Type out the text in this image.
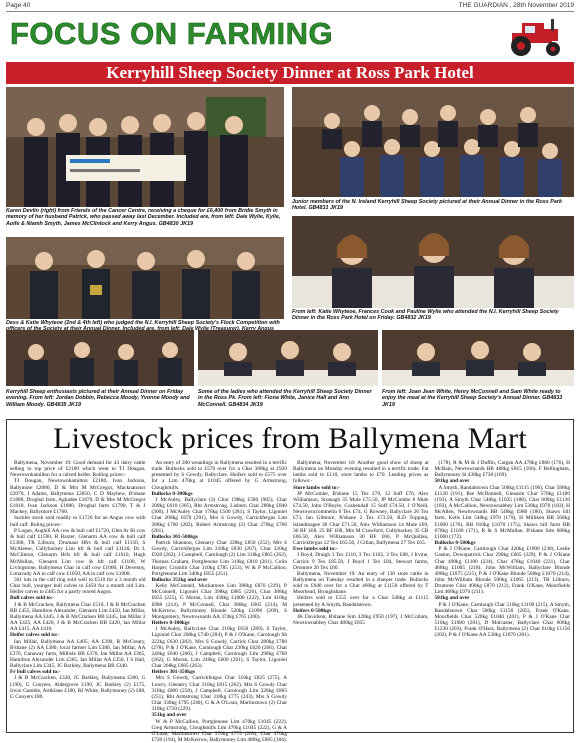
Page 40	THE GUARDIAN , 28th November 2019
FOCUS ON FARMING
Kerryhill Sheep Society Dinner at Ross Park Hotel
Karen Devlin (right) from Friends of the Cancer Centre, receiving a cheque for £6,400 from Bridie Smyth in memory of her husband Patrick, who passed away last December. Included are, from left: Dale Wylie, Kylie, Aoife & Niamh Smyth, James McClintock and Kerry Angus. GB4830 JK19
Junior members of the N. Ireland Kerryhill Sheep Society pictured at their Annual Dinner in the Ross Park Hotel. GB4831 JK19
Dess & Katie Whyteoe (2nd & 4th left) who judged the N.I. Kerryhill Sheep Society's Flock Competition with
From left: Katie Whyteoe, Frances Cook and Pauline Wylie who attended the N.I. Kerryhill Sheep Society Dinner in the Ross Park Hotel on Friday. GB4832 JK19
Kerryhill Sheep enthusiasts pictured at their Annual Dinner on Friday evening. From left: Jordan Dobbin, Rebecca Moody, Yvonne Moody and William Moody. GB4835 JK19
Some of the ladies who attended the Kerryhill Sheep Society Dinner in the Ross Pk. From left: Fiona White, Janice Hall and Ann McConnell. GB4834 JK19
From left: Joan Jean White, Henry McConnell and Sam White ready to enjoy the meal at the Kerryhill Sheep Society's Annual Dinner. GB4833 JK19
Livestock prices from Ballymena Mart

Ballymena, November 19: Good demand for 43 dairy cattle selling to top price of £2180 which went to TJ Dougan, Newtownhamilton for a calved heifer. Rolling prices:-

TJ Dougan, Newtownhamilton £2180, Ivan Jackson, Ballymore £2080, D & Mrs M McGregor, Macknatonor £2070, I Adams, Ballymena £2050, C D Mayhew, B'shane £1880, Droghal farm, Aghadee £1870, D & Mrs M McGregor £1810, Ivan Jackson £1880, Droghal farm £1790, T & J Mackey, Ballymore £1760.

Suckler stock sold readily to £1720 for an Angus cow with bull calf. Ruling prices:-

P Logan, Aughill AA cow & bull calf £1720, Glen Ar Bl cow & bull calf £1590, R Baxter, Glenarm AA cow & bull calf £1300, TR Lilburn, Drumaul Hfrs & bull calf £1150, S McAleese, Cullybackey Lim hfr & bull calf £1120, Dr L McClinton, Glenarm Hrfs hfr & bull calf £1010, Hugh McMullan, Glenarm Lim cow & hfr calf £1100, W Livingstone, Ballymena Char in calf cow £1060, H Devenny, Limavady AA in calf cow £1050, AA in calf cow £1000.

501 lots in the calf ring sold well to £510 for a 3 month old Char bull, younger bull calves to £450 for a month old Lim. Heifer calves to £405 for a partly reared Angus.

Bull calves sold to:-

J & B McCracken, Ballymena Char £510, J & B McCracken BB £455, Hamilton Alexander, Glenarm Lim £450, Ian Millar, Ballymena AA £445, J & B McCracken BB £445, Ian Millar 2 AA £425, AA £420, J & B McCracken BB £420, Ian Millar AA £415, AA £410.

Heifer calves sold to:-

Ian Millar, Ballymena AA £405, AA £390, R McCreary, B'shane (2) AA £380, local farmer Lim £380, Ian Millar, AA £370, Ganaway farm, Millisle BB £370, Ian Millar AA £365, Hamilton Alexander Lim £365, Ian Millar AA £350, I S Hall, Ballyclare Lim £345, JC Barkley, Ballymena BB £340.

Fr bull calves sold to:-

J & B McCracken, £330, JC Barkley, Ballymena £200, G (190), G Conyers, Aldergrove £190, JC Barkley (2) £175, Irwin Gamble, Artiklane £100, RJ White, Ballymoney (2) £80, G Conyers £80.

An entry of 280 weanlings in Ballymena resulted in a terrific trade. Bullocks sold to £570 over for a Char 368kg at £920 presented by S Gowdy, Ballyclare. Heifers sold to £575 over for a Lim 470kg at £1045 offered by G Armstrong, Cloughmills.

Bullocks 0-300kgs

J McAuley, Ballyclare (3) Char 198kg £580 (905), Char 200kg £610 (305), Rhr Armstrong, Lisburn Char 280kg £840 (300), J McAuley Char 178kg £500 (281), S Taylor, Ligoniel Char 208kg £670 (291), Mrs S Gowdy, Carrickfergus Lim 288kg £760 (282), Robert Armstrong (2) Char 270kg £760 (281).

Bullocks 301-500kgs

Patrick Shannon, Glenarry Char 338kg £850 (252), Mrs S Gowdy, Carrickfergus Lim 310kg £830 (267), Char 320kg £920 (262), J Campbell, Carnlough (2) Lim 318kg £865 (262), Thomas Graham, Portglenone Lim 310kg £810 (261), Colin Harper, Crumlin Char 310kg £785 (253), W & P McCallion, Portglenone Lim 340kg £855 (251).

Bullocks 351kg and over

Kelly McConnell, Muckamore Lim 388kg £870 (229), P McConnell, Ligoniel Char 398kg £885 (226), Char 388kg £855 (225), G Moran, Lim 438kg £1000 (222), Lim 410kg £888 (214), P McConnell, Char 380kg £805 (214), M McKerrow, Ballymoney Blonde 520kg £1090 (209), S Montgomery, Newtownards AA 374kg £765 (200).

Heifers 0-300kgs

J McAuley, Ballyclare Char 210kg £650 (289), S Taylor, Ligoniel Char 268kg £740 (284), P & J O'Kane, Carnlough Sh 222kg £630 (282), Mrs S Gowdy, Carrick Char 280kg £780 (278), P & J O'Kane, Carnlough Char 230kg £620 (266), Char 240kg £640 (266), J Campbell, Carnlough Lim 290kg £760 (262), G Moran, Lim 240kg £600 (261), S Taylor, Ligoniel Char 268kg £685 (263).

Heifers 301-350kgs

Mrs S Gowdy, Carrickfergus Char 310kg £825 (275), A Lowry, Glenarry Char 310kg £815 (262), Mrs S Gowdy Char 310kg £800 (258), J Campbell, Carnlough Lim 320kg £805 (251), Rht Armstrong Char 318kg £775 (243), Mrs S Gowdy Char 330kg £795 (240), G & A O'Loan, Martinstown (2) Char 310kg £750 (229).

351kg and over

W & P McCallion, Portglenone Lim 470kg £1045 (222), Greg Armstrong, Cloughmills Lim 470kg £1045 (222), G & A O'Loan, Martinstown Char 370kg £775 (209), Char 370kg £720 (194), M McKerrow, Ballymoney Lim 480kg £885 (184).

Ballymena, November 18: Another good show of sheep at Ballymena on Monday evening resulted in a terrific trade. Fat lambs sold to £110, store lambs to £70. Leading prices as follows:-

Store lambs sold to:-

JP McCombe, B'shane 15 Tex £79, 12 Suff £76, Alex Williamson, Stranagh 35 Mule £75.50, JP McCombe 8 Mule £74.50, John O'Boyle, Cushendall 15 Suff £74.50, J O'Neill, Newtowncrommelin 6 Tex £74, G Rowney, Ballyclare 26 Tex £73, Ian Gilmore, B'shane 2 Tex £73.50, R.D Topping, Islandmagee 30 Char £71.50, Alex Williamson 14 Mule £69, 36 BF £68, 25 BF £68, Mrs M Crawford, Cullybackey 35 CB £66.50, Alex Williamson 30 BF £66, P McQuillan, Carrickfergus 12 Tex £65.50, J Gillan, Ballymena 27 Tex £65.

Ewe lambs sold to:-

J Boyd, Draigh 3 Tex £110, 3 Tex £102, 3 Tex £88, J Irvine, Carrick 9 Tex £85.50, J Boyd 1 Tex £84, Stewart farms, Dromore 20 Tex £80.

Ballymena, November 19: An entry of 130 store cattle in Ballymena on Tuesday resulted in a sharper trade. Bullocks sold to £640 over for a Char 460kg at £1150 offered by T Moorhead, Broughshane.

Heifers sold to £555 over for a Char 548kg at £1115 presented by A Smyth, Randalstown.

Heifers 0-500kgs

JK Davidson, B'shane Sim 428kg £950 (197), J McCollam, Newtownabbey Char 480kg £855

(178), R & M & J Duffin, Cargan AA 478kg £860 (176), H McBain, Newtownards BB 488kg £815 (166), F Bellingham, Ballymoney St 438kg £730 (169).

501kg and over

A Smyth, Randalstown Char 568kg £1115 (196), Char 588kg £1120 (191), Rse McDonnell, Glenarm Char 578kg £1100 (193), A Smyth Char 548kg £1035 (188), Char 600kg £1130 (183), A McCallion, Newtownabbey Lim 538kg £970 (183), H McAllen, Newtownards BB 548kg £980 (180), Shaws hill farm, Kells Lim 548kg £970 (179), H Milliken BB 568kg £1000 (176), BB 610kg £1070 (175), Shaws hill farm BB 678kg £1160 (171), R & S McMullan, B'shane Sim 688kg £1000 (172).

Bullocks 0-500kgs

P & J O'Kane, Carnlough Char 420kg £1000 (238), Leslie Gaston, Downpatrick Char 290kg £665 (229), P & J O'Kane Char 490kg £1100 (224), Char 478kg £1040 (221), Char 468kg £1005 (218), John McWilliam, Ballyclare Blonde 498kg £1075 (215), P & J O'Kane Blonde 500kg £1070 (214), John McWilliam Blonde 500kg £1065 (213), TR Lilburn, Drumore Char 400kg £870 (212), Frank O'Kane, Moorfields Lim 468kg £970 (211).

501kg and over

P & J O'Kane, Carnlough Char 510kg £1100 (215), A Smyth, Randalstown Char 560kg £1150 (205), Frank O'Kane, Moorfields Char 520kg £1040 (201), P & J O'Kane Char 510kg £1080 (201), D Mulcaster, Ballyclare Char 608kg £1230 (203), Frank O'Hara, Ballymena (2) Char 610kg £1150 (202), P & J O'Kane AA 530kg £1070 (201).
